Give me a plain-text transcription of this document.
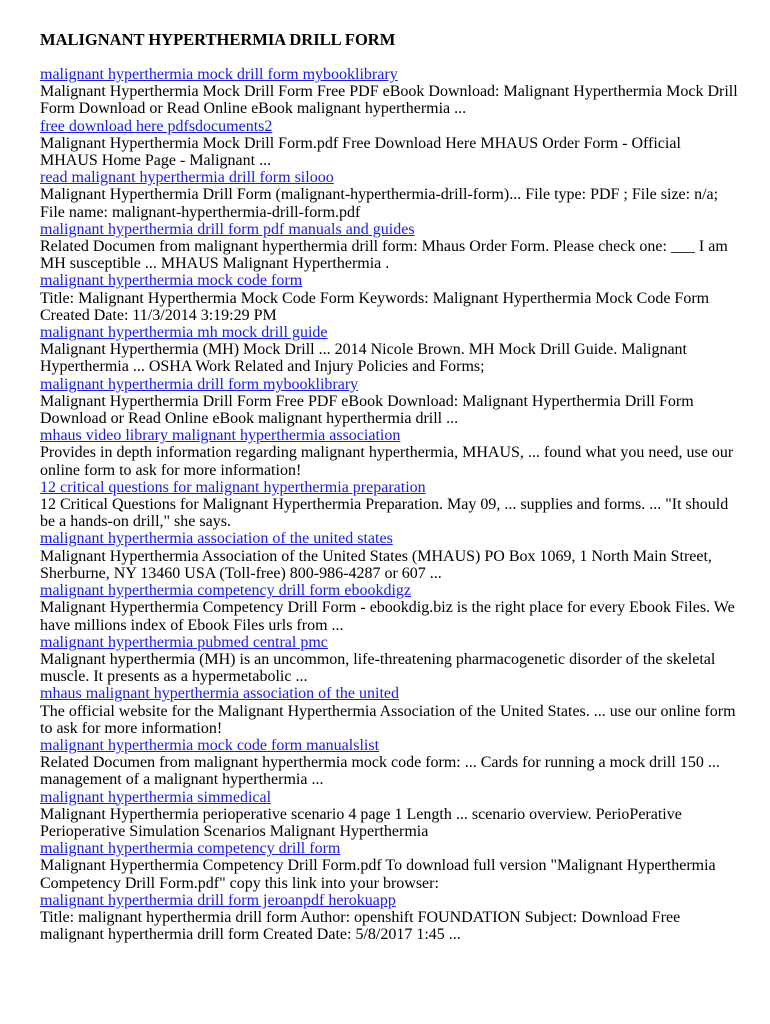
MALIGNANT HYPERTHERMIA DRILL FORM
malignant hyperthermia mock drill form mybooklibrary

Malignant Hyperthermia Mock Drill Form Free PDF eBook Download: Malignant Hyperthermia Mock Drill Form Download or Read Online eBook malignant hyperthermia ...

free download here pdfsdocuments2

Malignant Hyperthermia Mock Drill Form.pdf Free Download Here MHAUS Order Form - Official MHAUS Home Page - Malignant ...

read malignant hyperthermia drill form silooo

Malignant Hyperthermia Drill Form (malignant-hyperthermia-drill-form)... File type: PDF ; File size: n/a; File name: malignant-hyperthermia-drill-form.pdf

malignant hyperthermia drill form pdf manuals and guides

Related Documen from malignant hyperthermia drill form: Mhaus Order Form. Please check one: ___ I am MH susceptible ... MHAUS Malignant Hyperthermia .

malignant hyperthermia mock code form

Title: Malignant Hyperthermia Mock Code Form Keywords: Malignant Hyperthermia Mock Code Form Created Date: 11/3/2014 3:19:29 PM

malignant hyperthermia mh mock drill guide

Malignant Hyperthermia (MH) Mock Drill ... 2014 Nicole Brown. MH Mock Drill Guide. Malignant Hyperthermia ... OSHA Work Related and Injury Policies and Forms;

malignant hyperthermia drill form mybooklibrary

Malignant Hyperthermia Drill Form Free PDF eBook Download: Malignant Hyperthermia Drill Form Download or Read Online eBook malignant hyperthermia drill ...

mhaus video library malignant hyperthermia association

Provides in depth information regarding malignant hyperthermia, MHAUS, ... found what you need, use our online form to ask for more information!

12 critical questions for malignant hyperthermia preparation

12 Critical Questions for Malignant Hyperthermia Preparation. May 09, ... supplies and forms. ... "It should be a hands-on drill," she says.

malignant hyperthermia association of the united states

Malignant Hyperthermia Association of the United States (MHAUS) PO Box 1069, 1 North Main Street, Sherburne, NY 13460 USA (Toll-free) 800-986-4287 or 607 ...

malignant hyperthermia competency drill form ebookdigz

Malignant Hyperthermia Competency Drill Form - ebookdig.biz is the right place for every Ebook Files. We have millions index of Ebook Files urls from ...

malignant hyperthermia pubmed central pmc

Malignant hyperthermia (MH) is an uncommon, life-threatening pharmacogenetic disorder of the skeletal muscle. It presents as a hypermetabolic ...

mhaus malignant hyperthermia association of the united

The official website for the Malignant Hyperthermia Association of the United States. ... use our online form to ask for more information!

malignant hyperthermia mock code form manualslist

Related Documen from malignant hyperthermia mock code form: ... Cards for running a mock drill 150 ... management of a malignant hyperthermia ...

malignant hyperthermia simmedical

Malignant Hyperthermia perioperative scenario 4 page 1 Length ... scenario overview. PerioPerative Perioperative Simulation Scenarios Malignant Hyperthermia

malignant hyperthermia competency drill form

Malignant Hyperthermia Competency Drill Form.pdf To download full version "Malignant Hyperthermia Competency Drill Form.pdf" copy this link into your browser:

malignant hyperthermia drill form jeroanpdf herokuapp

Title: malignant hyperthermia drill form Author: openshift FOUNDATION Subject: Download Free malignant hyperthermia drill form Created Date: 5/8/2017 1:45 ...
